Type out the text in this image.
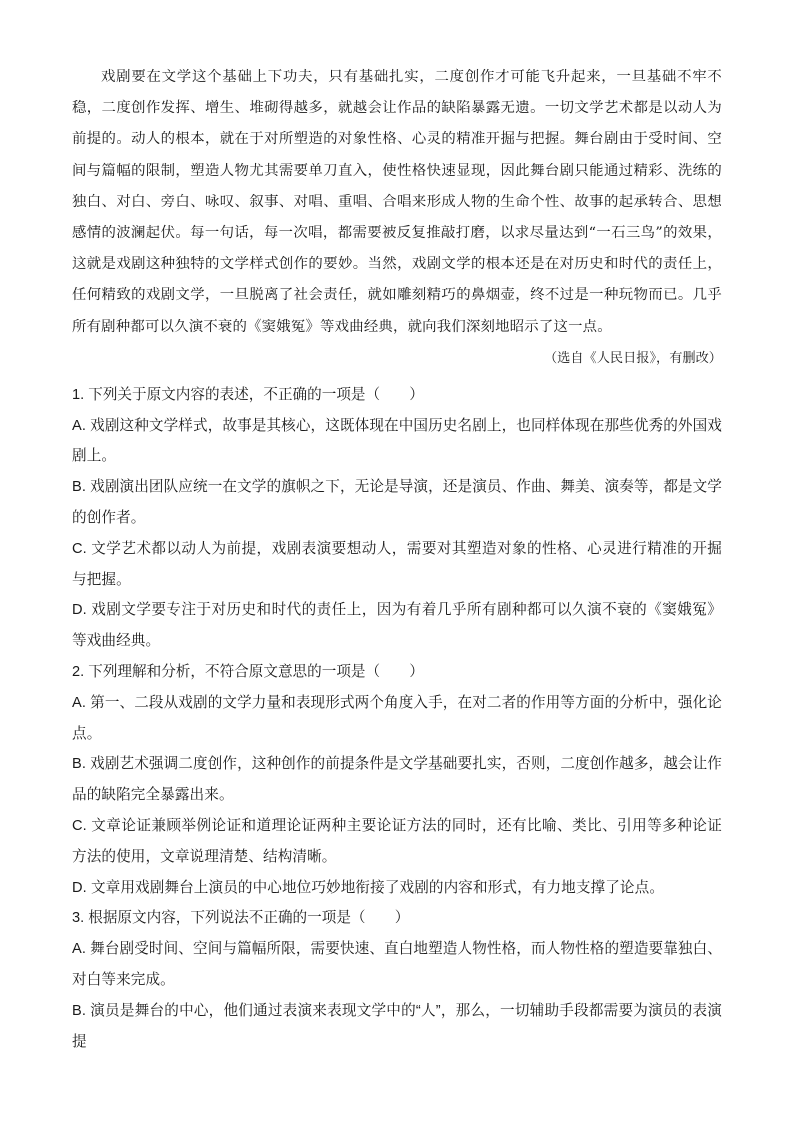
戏剧要在文学这个基础上下功夫，只有基础扎实，二度创作才可能飞升起来，一旦基础不牢不稳，二度创作发挥、增生、堆砌得越多，就越会让作品的缺陷暴露无遗。一切文学艺术都是以动人为前提的。动人的根本，就在于对所塑造的对象性格、心灵的精准开掘与把握。舞台剧由于受时间、空间与篇幅的限制，塑造人物尤其需要单刀直入，使性格快速显现，因此舞台剧只能通过精彩、洗练的独白、对白、旁白、咏叹、叙事、对唱、重唱、合唱来形成人物的生命个性、故事的起承转合、思想感情的波澜起伏。每一句话，每一次唱，都需要被反复推敲打磨，以求尽量达到“一石三鸟”的效果，这就是戏剧这种独特的文学样式创作的要妙。当然，戏剧文学的根本还是在对历史和时代的责任上，任何精致的戏剧文学，一旦脱离了社会责任，就如雕刻精巧的鼻烟壶，终不过是一种玩物而已。几乎所有剧种都可以久演不衰的《窦娥冤》等戏曲经典，就向我们深刻地昭示了这一点。

（选自《人民日报》，有删改）

1. 下列关于原文内容的表述，不正确的一项是（　　）

A. 戏剧这种文学样式，故事是其核心，这既体现在中国历史名剧上，也同样体现在那些优秀的外国戏剧上。

B. 戏剧演出团队应统一在文学的旗帜之下，无论是导演，还是演员、作曲、舞美、演奏等，都是文学的创作者。

C. 文学艺术都以动人为前提，戏剧表演要想动人，需要对其塑造对象的性格、心灵进行精准的开掘与把握。

D. 戏剧文学要专注于对历史和时代的责任上，因为有着几乎所有剧种都可以久演不衰的《窦娥冤》等戏曲经典。

2. 下列理解和分析，不符合原文意思的一项是（　　）

A. 第一、二段从戏剧的文学力量和表现形式两个角度入手，在对二者的作用等方面的分析中，强化论点。

B. 戏剧艺术强调二度创作，这种创作的前提条件是文学基础要扎实，否则，二度创作越多，越会让作品的缺陷完全暴露出来。

C. 文章论证兼顾举例论证和道理论证两种主要论证方法的同时，还有比喻、类比、引用等多种论证方法的使用，文章说理清楚、结构清晰。

D. 文章用戏剧舞台上演员的中心地位巧妙地衔接了戏剧的内容和形式，有力地支撑了论点。

3. 根据原文内容，下列说法不正确的一项是（　　）

A. 舞台剧受时间、空间与篇幅所限，需要快速、直白地塑造人物性格，而人物性格的塑造要靠独白、对白等来完成。

B. 演员是舞台的中心，他们通过表演来表现文学中的“人”，那么，一切辅助手段都需要为演员的表演提
